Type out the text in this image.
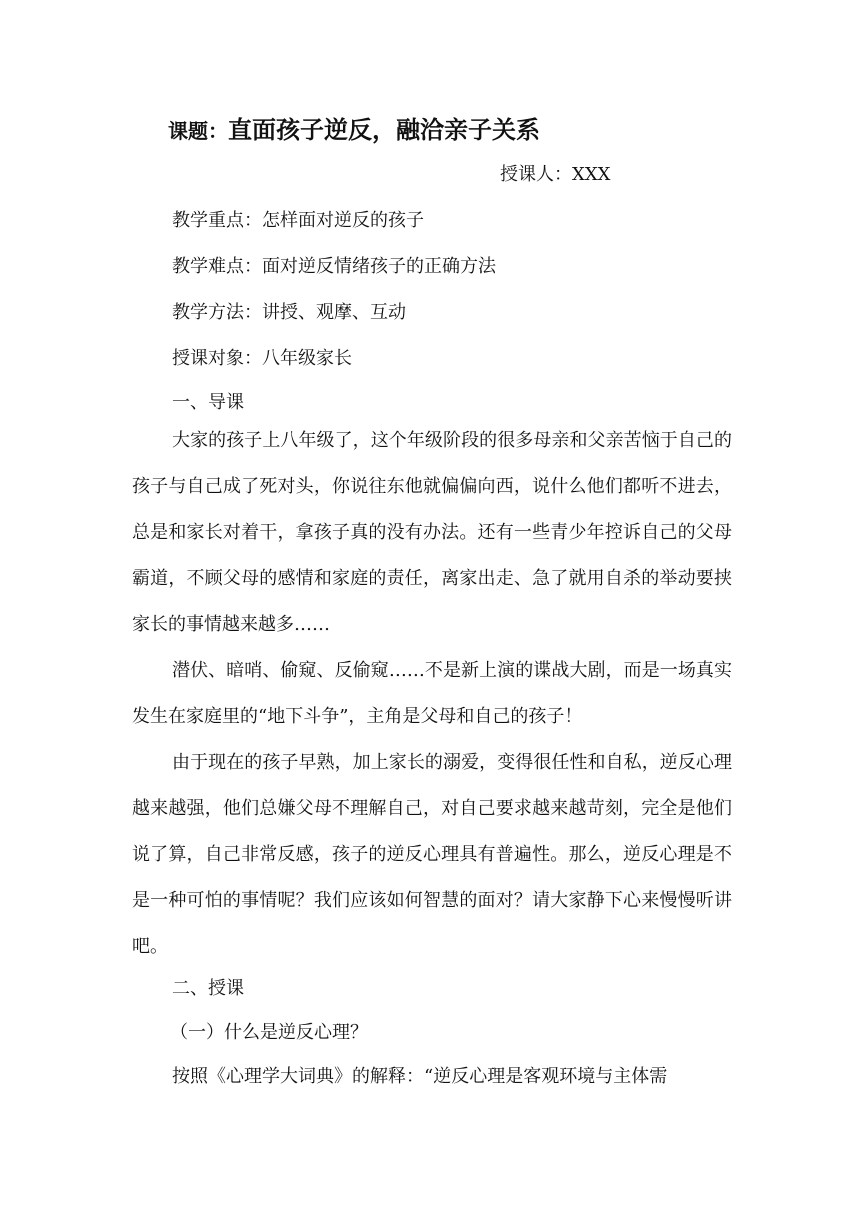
课题：直面孩子逆反，融洽亲子关系
授课人：XXX
教学重点：怎样面对逆反的孩子
教学难点：面对逆反情绪孩子的正确方法
教学方法：讲授、观摩、互动
授课对象：八年级家长
一、导课

大家的孩子上八年级了，这个年级阶段的很多母亲和父亲苦恼于自己的孩子与自己成了死对头，你说往东他就偏偏向西，说什么他们都听不进去，总是和家长对着干，拿孩子真的没有办法。还有一些青少年控诉自己的父母霸道，不顾父母的感情和家庭的责任，离家出走、急了就用自杀的举动要挟家长的事情越来越多……

潜伏、暗哨、偷窥、反偷窥……不是新上演的谍战大剧，而是一场真实发生在家庭里的“地下斗争”，主角是父母和自己的孩子！

由于现在的孩子早熟，加上家长的溺爱，变得很任性和自私，逆反心理越来越强，他们总嫌父母不理解自己，对自己要求越来越苛刻，完全是他们说了算，自己非常反感，孩子的逆反心理具有普遍性。那么，逆反心理是不是一种可怕的事情呢？我们应该如何智慧的面对？请大家静下心来慢慢听讲吧。

二、授课
（一）什么是逆反心理？
按照《心理学大词典》的解释：“逆反心理是客观环境与主体需
